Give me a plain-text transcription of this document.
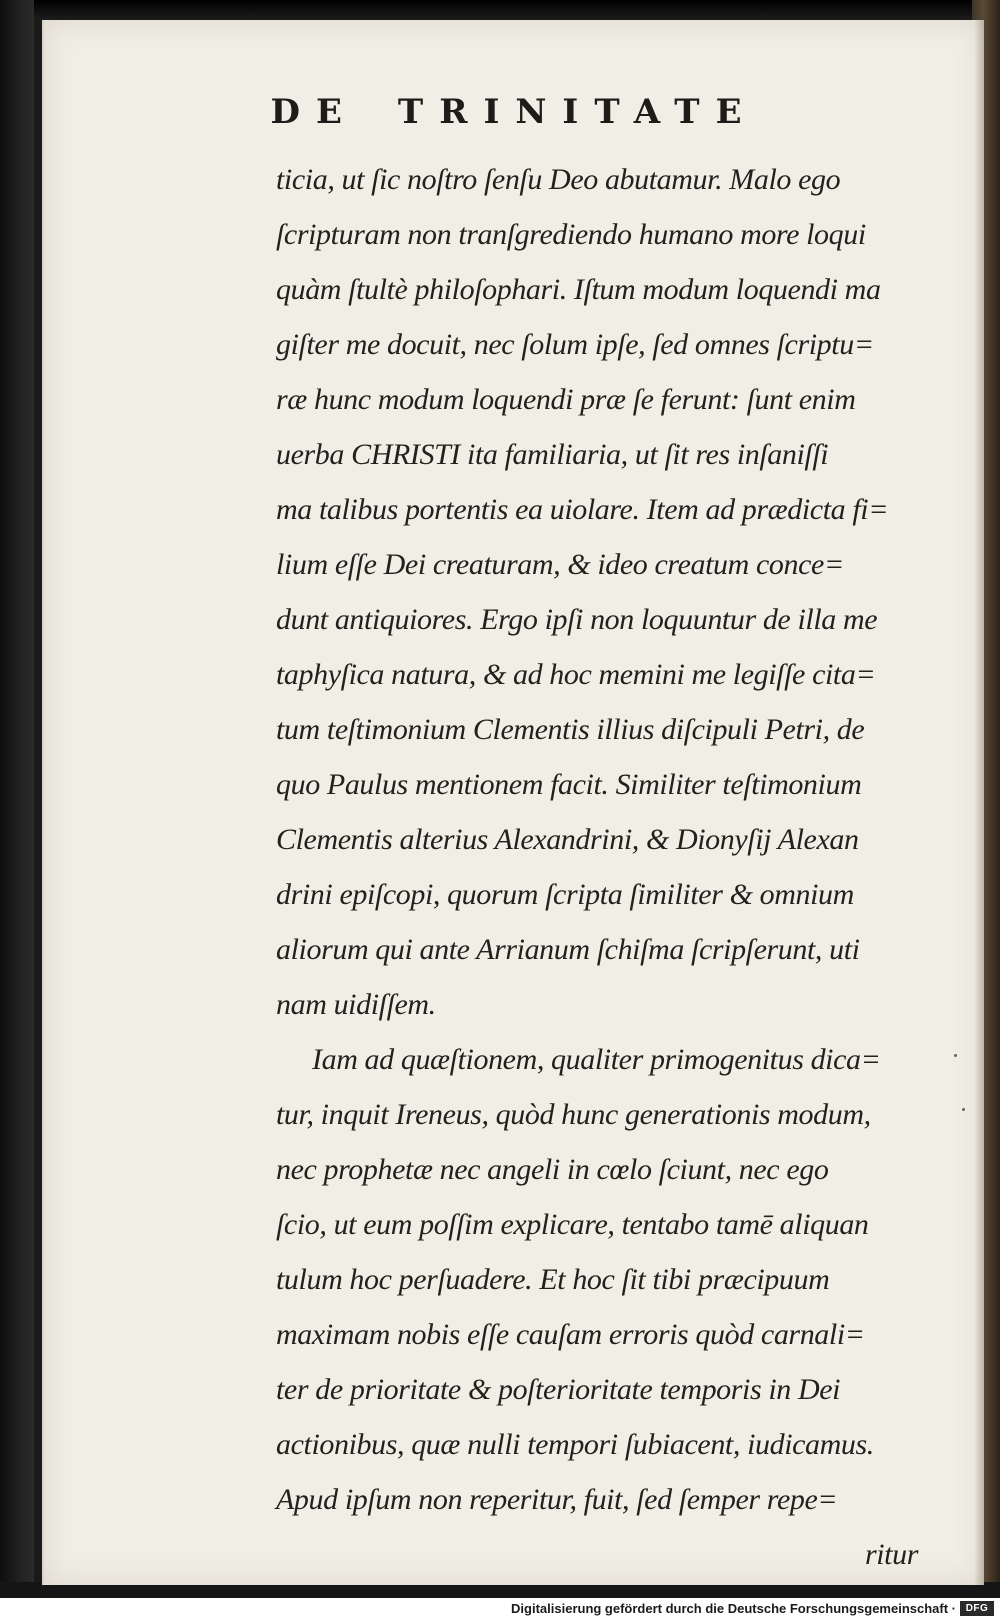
DE TRINITATE
ticia, ut ſic noſtro ſenſu Deo abutamur. Malo ego
ſcripturam non tranſgrediendo humano more loqui
quàm ſtultè philoſophari. Iſtum modum loquendi ma
giſter me docuit, nec ſolum ipſe, ſed omnes ſcriptu=
ræ hunc modum loquendi præ ſe ferunt: ſunt enim
uerba CHRISTI ita familiaria, ut ſit res inſaniſſi
ma talibus portentis ea uiolare. Item ad prædicta fi=
lium eſſe Dei creaturam, & ideo creatum conce=
dunt antiquiores. Ergo ipſi non loquuntur de illa me
taphyſica natura, & ad hoc memini me legiſſe cita=
tum teſtimonium Clementis illius diſcipuli Petri, de
quo Paulus mentionem facit. Similiter teſtimonium
Clementis alterius Alexandrini, & Dionyſij Alexan
drini epiſcopi, quorum ſcripta ſimiliter & omnium
aliorum qui ante Arrianum ſchiſma ſcripſerunt, uti
nam uidiſſem.
Iam ad quæſtionem, qualiter primogenitus dica=
tur, inquit Ireneus, quòd hunc generationis modum,
nec prophetæ nec angeli in cœlo ſciunt, nec ego
ſcio, ut eum poſſim explicare, tentabo tamē aliquan
tulum hoc perſuadere. Et hoc ſit tibi præcipuum
maximam nobis eſſe cauſam erroris quòd carnali=
ter de prioritate & poſterioritate temporis in Dei
actionibus, quæ nulli tempori ſubiacent, iudicamus.
Apud ipſum non reperitur, fuit, ſed ſemper repe=
ritur
Digitalisierung gefördert durch die Deutsche Forschungsgemeinschaft · DFG
